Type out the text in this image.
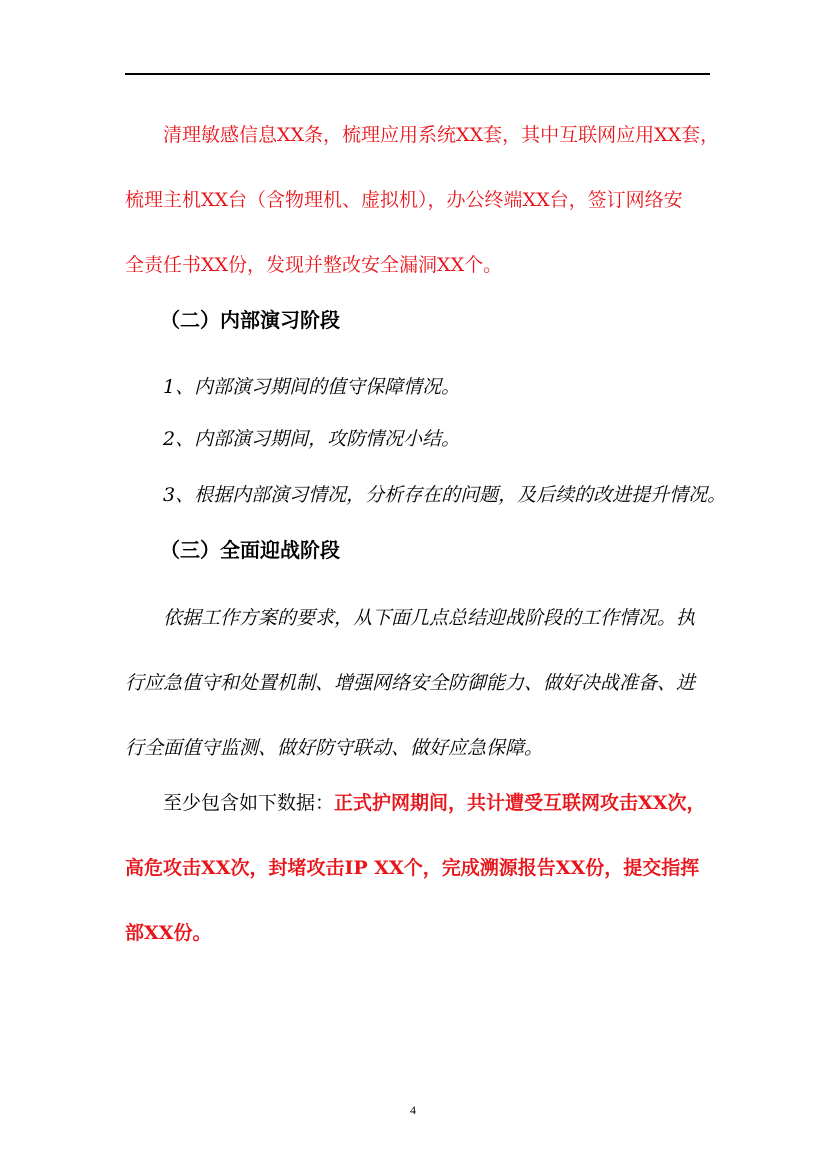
清理敏感信息XX条，梳理应用系统XX套，其中互联网应用XX套，
梳理主机XX台（含物理机、虚拟机），办公终端XX台，签订网络安
全责任书XX份，发现并整改安全漏洞XX个。
（二）内部演习阶段
1、内部演习期间的值守保障情况。
2、内部演习期间，攻防情况小结。
3、根据内部演习情况，分析存在的问题，及后续的改进提升情况。
（三）全面迎战阶段
依据工作方案的要求，从下面几点总结迎战阶段的工作情况。执
行应急值守和处置机制、增强网络安全防御能力、做好决战准备、进
行全面值守监测、做好防守联动、做好应急保障。
至少包含如下数据：正式护网期间，共计遭受互联网攻击XX次，
高危攻击XX次，封堵攻击IP XX个，完成溯源报告XX份，提交指挥
部XX份。
4
